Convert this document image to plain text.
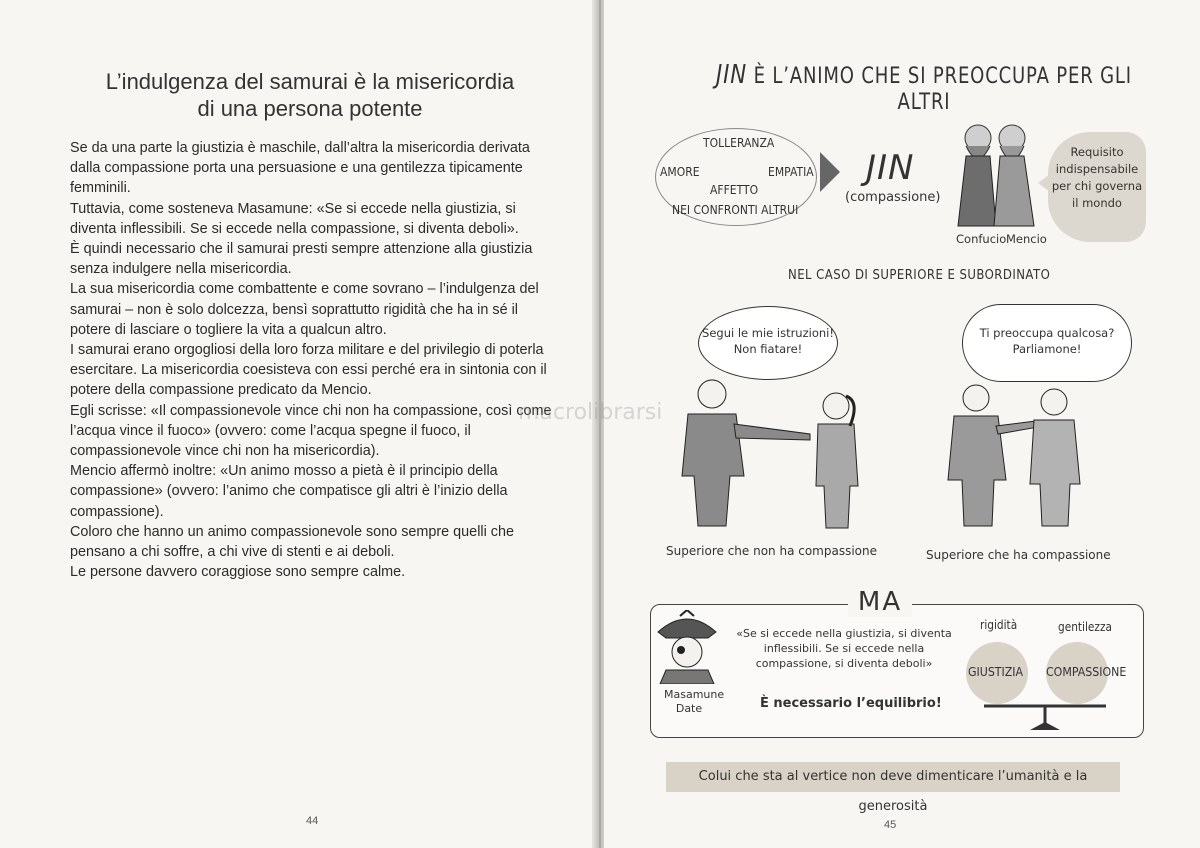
L’indulgenza del samurai è la misericordia
di una persona potente

Se da una parte la giustizia è maschile, dall’altra la misericordia derivata dalla compassione porta una persuasione e una gentilezza tipicamente femminili.

Tuttavia, come sosteneva Masamune: «Se si eccede nella giustizia, si diventa inflessibili. Se si eccede nella compassione, si diventa deboli».

È quindi necessario che il samurai presti sempre attenzione alla giustizia senza indulgere nella misericordia.

La sua misericordia come combattente e come sovrano – l’indulgenza del samurai – non è solo dolcezza, bensì soprattutto rigidità che ha in sé il potere di lasciare o togliere la vita a qualcun altro.

I samurai erano orgogliosi della loro forza militare e del privilegio di poterla esercitare. La misericordia coesisteva con essi perché era in sintonia con il potere della compassione predicato da Mencio.

Egli scrisse: «Il compassionevole vince chi non ha compassione, così come l’acqua vince il fuoco» (ovvero: come l’acqua spegne il fuoco, il compassionevole vince chi non ha misericordia).

Mencio affermò inoltre: «Un animo mosso a pietà è il principio della compassione» (ovvero: l’animo che compatisce gli altri è l’inizio della compassione).

Coloro che hanno un animo compassionevole sono sempre quelli che pensano a chi soffre, a chi vive di stenti e ai deboli.

Le persone davvero coraggiose sono sempre calme.

44
JIN È L’ANIMO CHE SI PREOCCUPA PER GLI ALTRI
TOLLERANZA
AMORE	EMPATIA
AFFETTO
NEI CONFRONTI ALTRUI
JIN
(compassione)
Confucio Mencio
Requisito
indispensabile
per chi governa
il mondo
NEL CASO DI SUPERIORE E SUBORDINATO
Segui le mie istruzioni!
Non fiatare!
Ti preoccupa qualcosa?
Parliamone!
Superiore che non ha compassione	Superiore che ha compassione
MA
Masamune
Date
«Se si eccede nella giustizia, si diventa inflessibili. Se si eccede nella compassione, si diventa deboli»
È necessario l’equilibrio!
rigidità	gentilezza
GIUSTIZIA COMPASSIONE
Colui che sta al vertice non deve dimenticare l’umanità e la generosità
45
macrolibrarsi
